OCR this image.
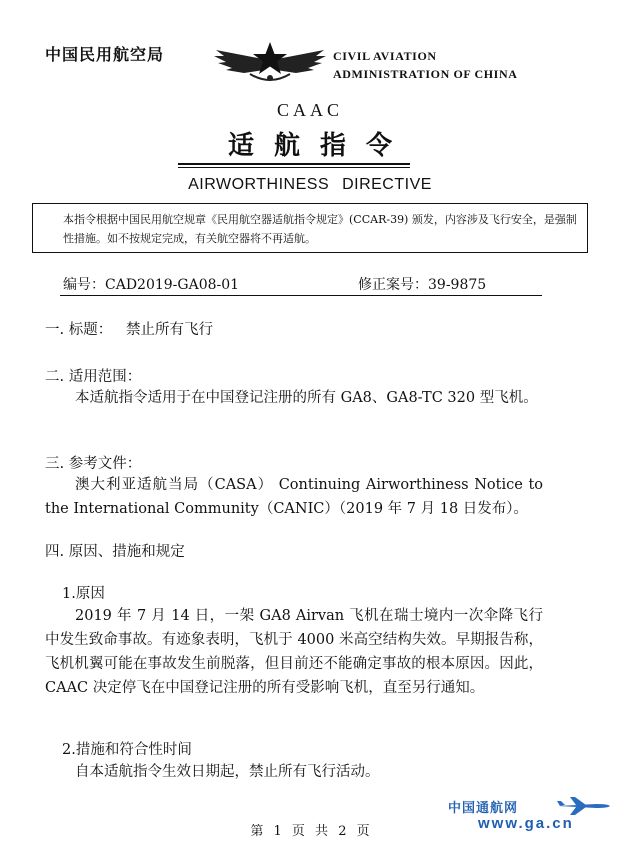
中国民用航空局	CIVIL AVIATION
ADMINISTRATION OF CHINA
CAAC
适航指令
AIRWORTHINESS DIRECTIVE
本指令根据中国民用航空规章《民用航空器适航指令规定》(CCAR-39) 颁发，内容涉及飞行安全，是强制性措施。如不按规定完成，有关航空器将不再适航。
编号：CAD2019-GA08-01	修正案号：39-9875
一. 标题：   禁止所有飞行
二. 适用范围：
本适航指令适用于在中国登记注册的所有 GA8、GA8-TC 320 型飞机。
三. 参考文件：
澳大利亚适航当局（CASA） Continuing Airworthiness Notice to the International Community（CANIC）（2019 年 7 月 18 日发布）。
四. 原因、措施和规定
1.原因
2019 年 7 月 14 日，一架 GA8 Airvan 飞机在瑞士境内一次伞降飞行中发生致命事故。有迹象表明，飞机于 4000 米高空结构失效。早期报告称，飞机机翼可能在事故发生前脱落，但目前还不能确定事故的根本原因。因此，CAAC 决定停飞在中国登记注册的所有受影响飞机，直至另行通知。
2.措施和符合性时间
自本适航指令生效日期起，禁止所有飞行活动。
中国通航网
www.ga.cn
第 1 页 共 2 页
